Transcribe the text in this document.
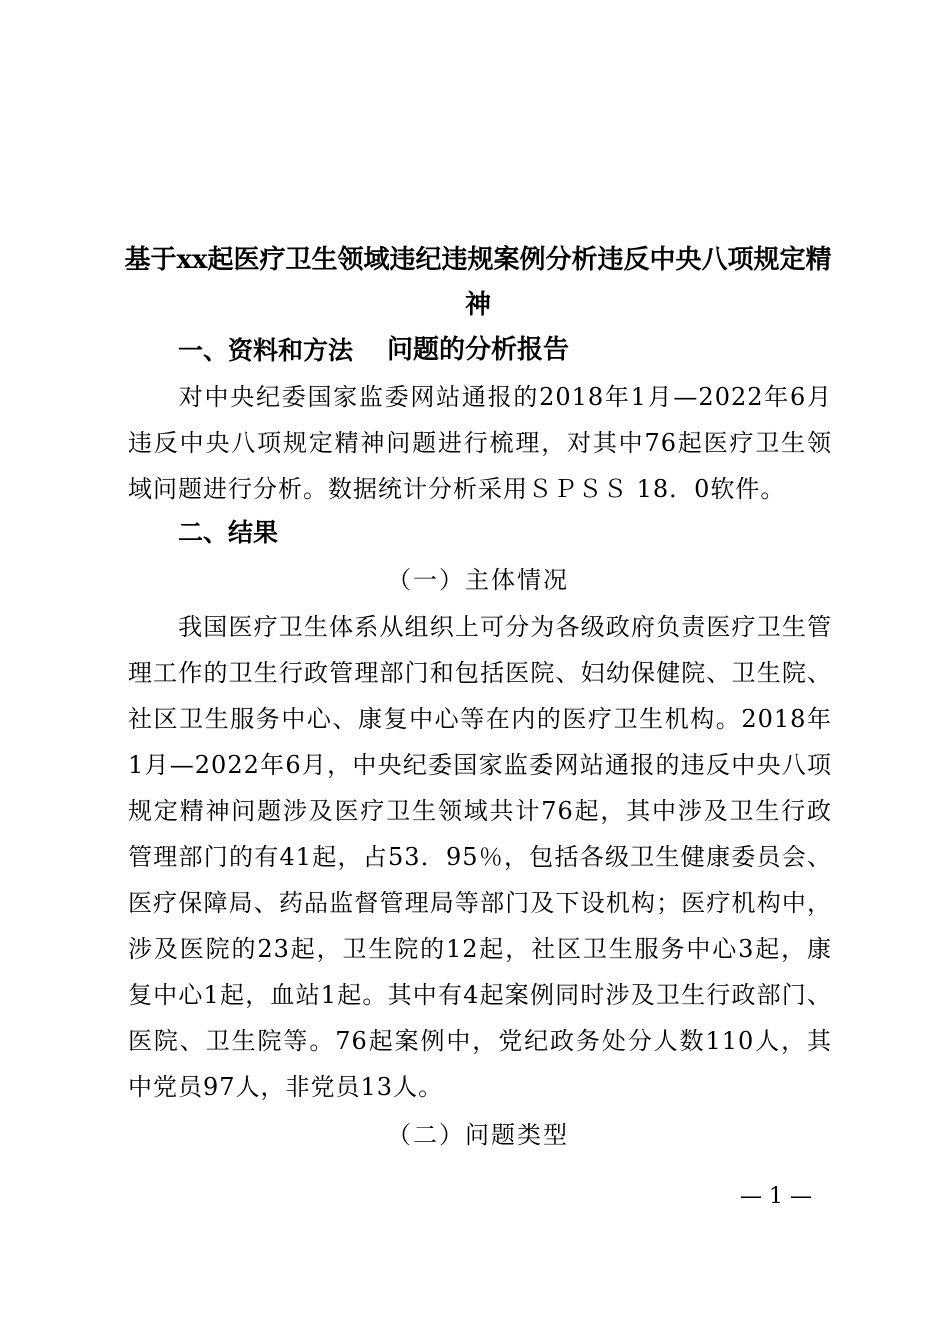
基于xx起医疗卫生领域违纪违规案例分析违反中央八项规定精神
问题的分析报告
一、资料和方法
对中央纪委国家监委网站通报的2018年1月—2022年6月违反中央八项规定精神问题进行梳理，对其中76起医疗卫生领域问题进行分析。数据统计分析采用ＳＰＳＳ 18．0软件。
二、结果
（一）主体情况
我国医疗卫生体系从组织上可分为各级政府负责医疗卫生管理工作的卫生行政管理部门和包括医院、妇幼保健院、卫生院、社区卫生服务中心、康复中心等在内的医疗卫生机构。2018年1月—2022年6月，中央纪委国家监委网站通报的违反中央八项规定精神问题涉及医疗卫生领域共计76起，其中涉及卫生行政管理部门的有41起，占53．95％，包括各级卫生健康委员会、医疗保障局、药品监督管理局等部门及下设机构；医疗机构中，涉及医院的23起，卫生院的12起，社区卫生服务中心3起，康复中心1起，血站1起。其中有4起案例同时涉及卫生行政部门、医院、卫生院等。76起案例中，党纪政务处分人数110人，其中党员97人，非党员13人。
（二）问题类型
— 1 —
